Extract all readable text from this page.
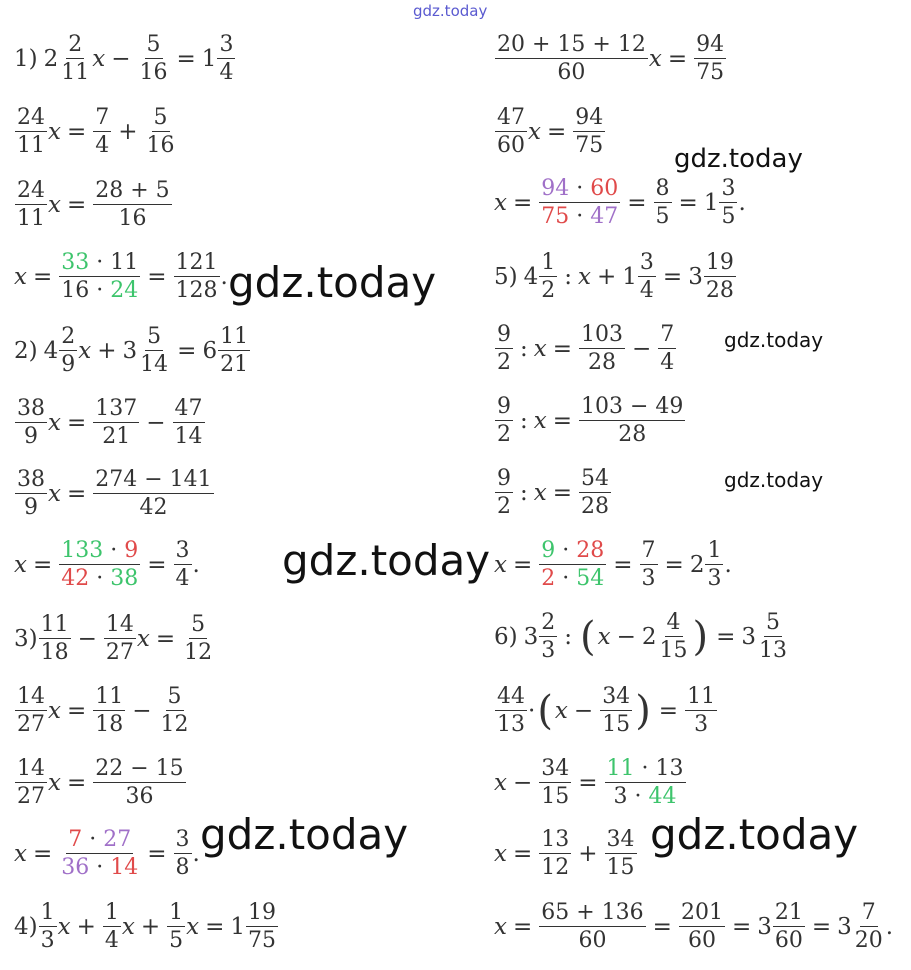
gdz.today
gdz.today
gdz.today
gdz.today	gdz.today
gdz.today
gdz.today
gdz.today
1) $2 \frac{2}{11}$ $x - \frac{5}{16} = 1 \frac{3}{4}$
$\frac{24}{11}$ $x = \frac{7}{4} + \frac{5}{16}$
$\frac{24}{11}$ $x = \frac{28 + 5}{16}$
$x = \frac{33 \cdot 11}{16 \cdot 24} = \frac{121}{128}$ .
2) $4 \frac{2}{9}$ $x + 3 \frac{5}{14} = 6 \frac{11}{21}$
$\frac{38}{9}$ $x = \frac{137}{21} - \frac{47}{14}$
$\frac{38}{9}$ $x = \frac{274 - 141}{42}$
$x = \frac{133 \cdot 9}{42 \cdot 38} = \frac{3}{4}$ .
$3) \frac{11}{18} - \frac{14}{27}$ $x = \frac{5}{12}$
$\frac{14}{27}$ $x = \frac{11}{18} - \frac{5}{12}$
$\frac{14}{27}$ $x = \frac{22 - 15}{36}$
$x = \frac{7 \cdot 27}{36 \cdot 14} = \frac{3}{8}$ .
$4) \frac{1}{3}$ $x + \frac{1}{4}$ $x + \frac{1}{5}$ $x = 1 \frac{19}{75}$
$\frac{20 + 15 + 12}{60}$ $x = \frac{94}{75}$
$\frac{47}{60}$ $x = \frac{94}{75}$
$x = \frac{94 \cdot 60}{75 \cdot 47} = \frac{8}{5} = 1 \frac{3}{5}$ .
5) $4 \frac{1}{2}$ : $x + 1 \frac{3}{4} = 3 \frac{19}{28}$
$\frac{9}{2}$ : $x = \frac{103}{28} - \frac{7}{4}$
$\frac{9}{2}$ : $x = \frac{103 - 49}{28}$
$\frac{9}{2}$ : $x = \frac{54}{28}$
$x = \frac{9 \cdot 28}{2 \cdot 54} = \frac{7}{3} = 2 \frac{1}{3}$ .
6) $3 \frac{2}{3}$ : ( $x - 2 \frac{4}{15}$ ) = $3 \frac{5}{13}$
$\frac{44}{13}$ · ( $x - \frac{34}{15}$ ) = $\frac{11}{3}$
$x - \frac{34}{15} = \frac{11 \cdot 13}{3 \cdot 44}$
$x = \frac{13}{12} + \frac{34}{15}$
$x = \frac{65 + 136}{60} = \frac{201}{60} = 3 \frac{21}{60} = 3 \frac{7}{20}$ .
